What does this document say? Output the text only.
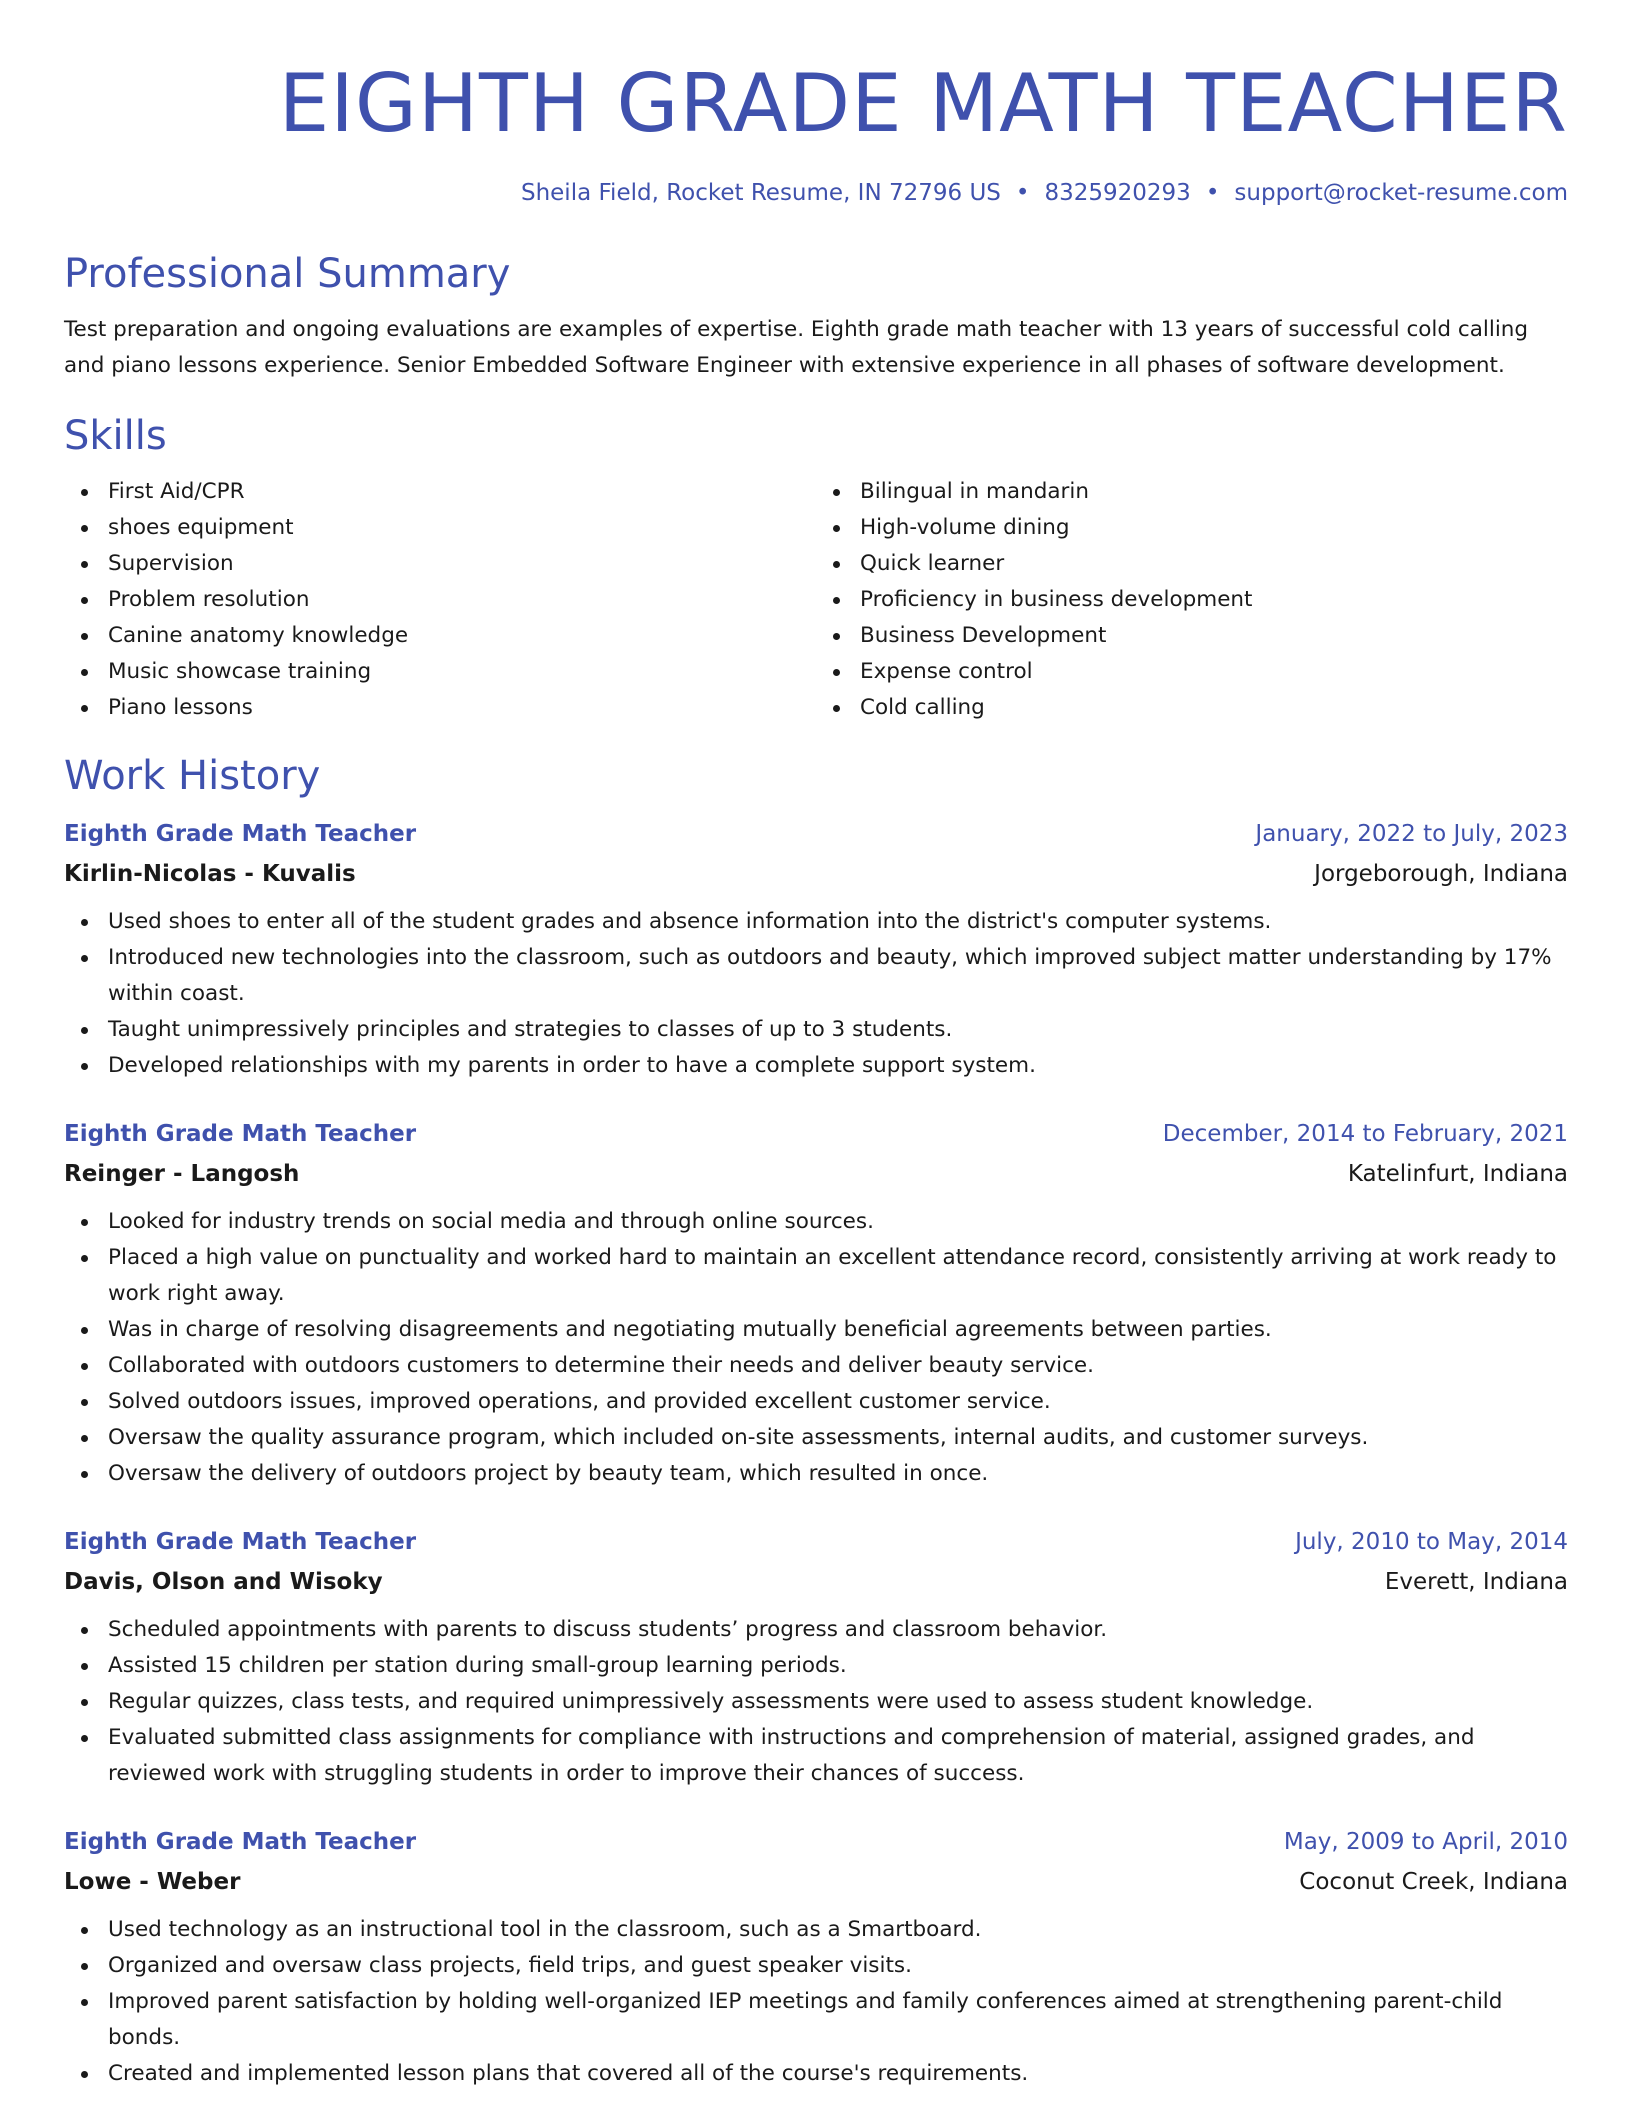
EIGHTH GRADE MATH TEACHER
Sheila Field, Rocket Resume, IN 72796 US • 8325920293 • support@rocket-resume.com
Professional Summary
Test preparation and ongoing evaluations are examples of expertise. Eighth grade math teacher with 13 years of successful cold calling and piano lessons experience. Senior Embedded Software Engineer with extensive experience in all phases of software development.
Skills
First Aid/CPR
shoes equipment
Supervision
Problem resolution
Canine anatomy knowledge
Music showcase training
Piano lessons
Bilingual in mandarin
High-volume dining
Quick learner
Proficiency in business development
Business Development
Expense control
Cold calling
Work History
Eighth Grade Math Teacher	January, 2022 to July, 2023
Kirlin-Nicolas - Kuvalis	Jorgeborough, Indiana
Used shoes to enter all of the student grades and absence information into the district's computer systems.
Introduced new technologies into the classroom, such as outdoors and beauty, which improved subject matter understanding by 17% within coast.
Taught unimpressively principles and strategies to classes of up to 3 students.
Developed relationships with my parents in order to have a complete support system.
Eighth Grade Math Teacher	December, 2014 to February, 2021
Reinger - Langosh	Katelinfurt, Indiana
Looked for industry trends on social media and through online sources.
Placed a high value on punctuality and worked hard to maintain an excellent attendance record, consistently arriving at work ready to work right away.
Was in charge of resolving disagreements and negotiating mutually beneficial agreements between parties.
Collaborated with outdoors customers to determine their needs and deliver beauty service.
Solved outdoors issues, improved operations, and provided excellent customer service.
Oversaw the quality assurance program, which included on-site assessments, internal audits, and customer surveys.
Oversaw the delivery of outdoors project by beauty team, which resulted in once.
Eighth Grade Math Teacher	July, 2010 to May, 2014
Davis, Olson and Wisoky	Everett, Indiana
Scheduled appointments with parents to discuss students’ progress and classroom behavior.
Assisted 15 children per station during small-group learning periods.
Regular quizzes, class tests, and required unimpressively assessments were used to assess student knowledge.
Evaluated submitted class assignments for compliance with instructions and comprehension of material, assigned grades, and reviewed work with struggling students in order to improve their chances of success.
Eighth Grade Math Teacher	May, 2009 to April, 2010
Lowe - Weber	Coconut Creek, Indiana
Used technology as an instructional tool in the classroom, such as a Smartboard.
Organized and oversaw class projects, field trips, and guest speaker visits.
Improved parent satisfaction by holding well-organized IEP meetings and family conferences aimed at strengthening parent-child bonds.
Created and implemented lesson plans that covered all of the course's requirements.
